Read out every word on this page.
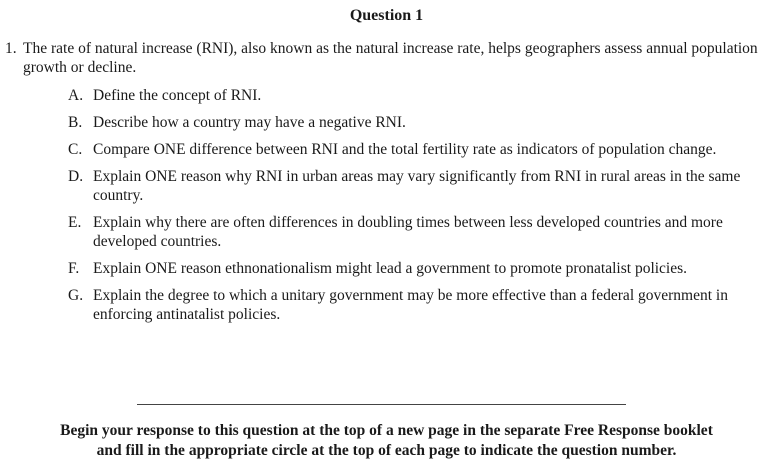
Question 1
1. The rate of natural increase (RNI), also known as the natural increase rate, helps geographers assess annual population growth or decline.
A. Define the concept of RNI.
B. Describe how a country may have a negative RNI.
C. Compare ONE difference between RNI and the total fertility rate as indicators of population change.
D. Explain ONE reason why RNI in urban areas may vary significantly from RNI in rural areas in the same country.
E. Explain why there are often differences in doubling times between less developed countries and more developed countries.
F. Explain ONE reason ethnonationalism might lead a government to promote pronatalist policies.
G. Explain the degree to which a unitary government may be more effective than a federal government in enforcing antinatalist policies.
Begin your response to this question at the top of a new page in the separate Free Response booklet
and fill in the appropriate circle at the top of each page to indicate the question number.
